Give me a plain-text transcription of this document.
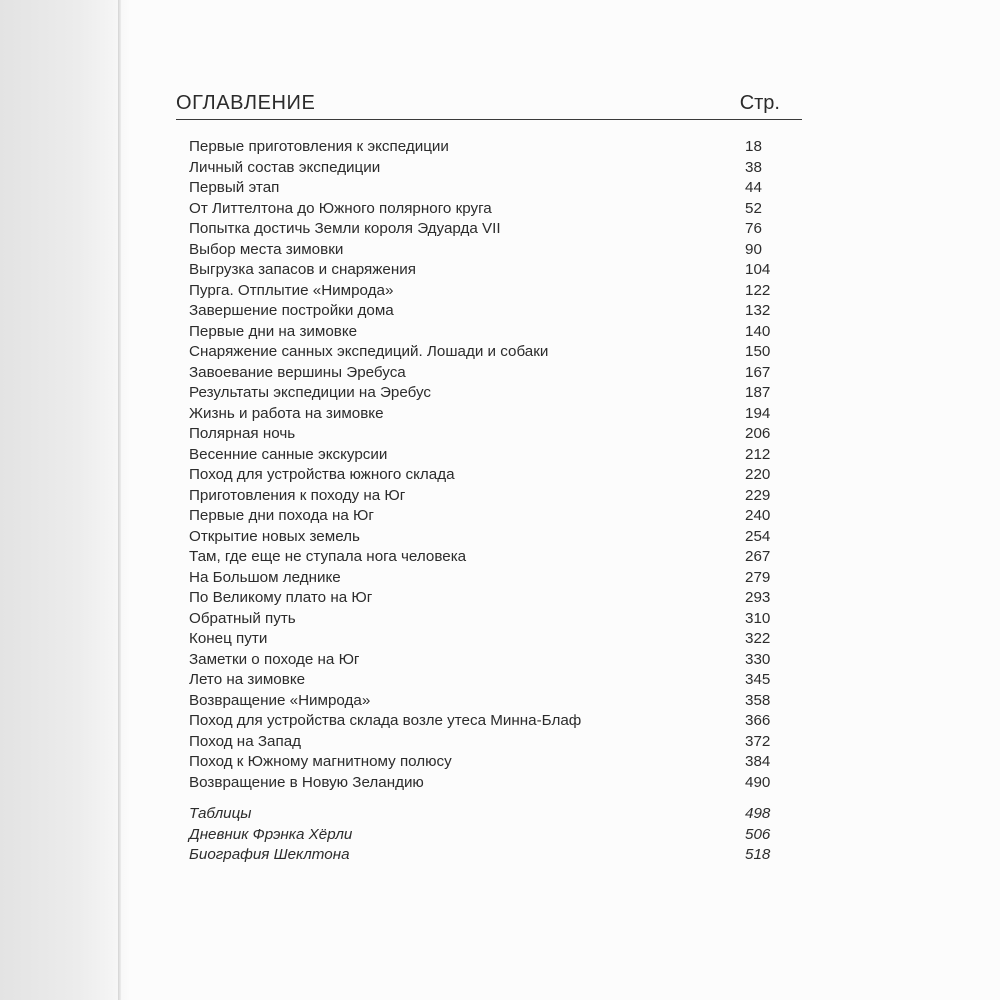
ОГЛАВЛЕНИЕ	Стр.
Первые приготовления к экспедиции	18
Личный состав экспедиции	38
Первый этап	44
От Литтелтона до Южного полярного круга	52
Попытка достичь Земли короля Эдуарда VII	76
Выбор места зимовки	90
Выгрузка запасов и снаряжения	104
Пурга. Отплытие «Нимрода»	122
Завершение постройки дома	132
Первые дни на зимовке	140
Снаряжение санных экспедиций. Лошади и собаки	150
Завоевание вершины Эребуса	167
Результаты экспедиции на Эребус	187
Жизнь и работа на зимовке	194
Полярная ночь	206
Весенние санные экскурсии	212
Поход для устройства южного склада	220
Приготовления к походу на Юг	229
Первые дни похода на Юг	240
Открытие новых земель	254
Там, где еще не ступала нога человека	267
На Большом леднике	279
По Великому плато на Юг	293
Обратный путь	310
Конец пути	322
Заметки о походе на Юг	330
Лето на зимовке	345
Возвращение «Нимрода»	358
Поход для устройства склада возле утеса Минна-Блаф	366
Поход на Запад	372
Поход к Южному магнитному полюсу	384
Возвращение в Новую Зеландию	490
Таблицы	498
Дневник Фрэнка Хёрли	506
Биография Шеклтона	518
